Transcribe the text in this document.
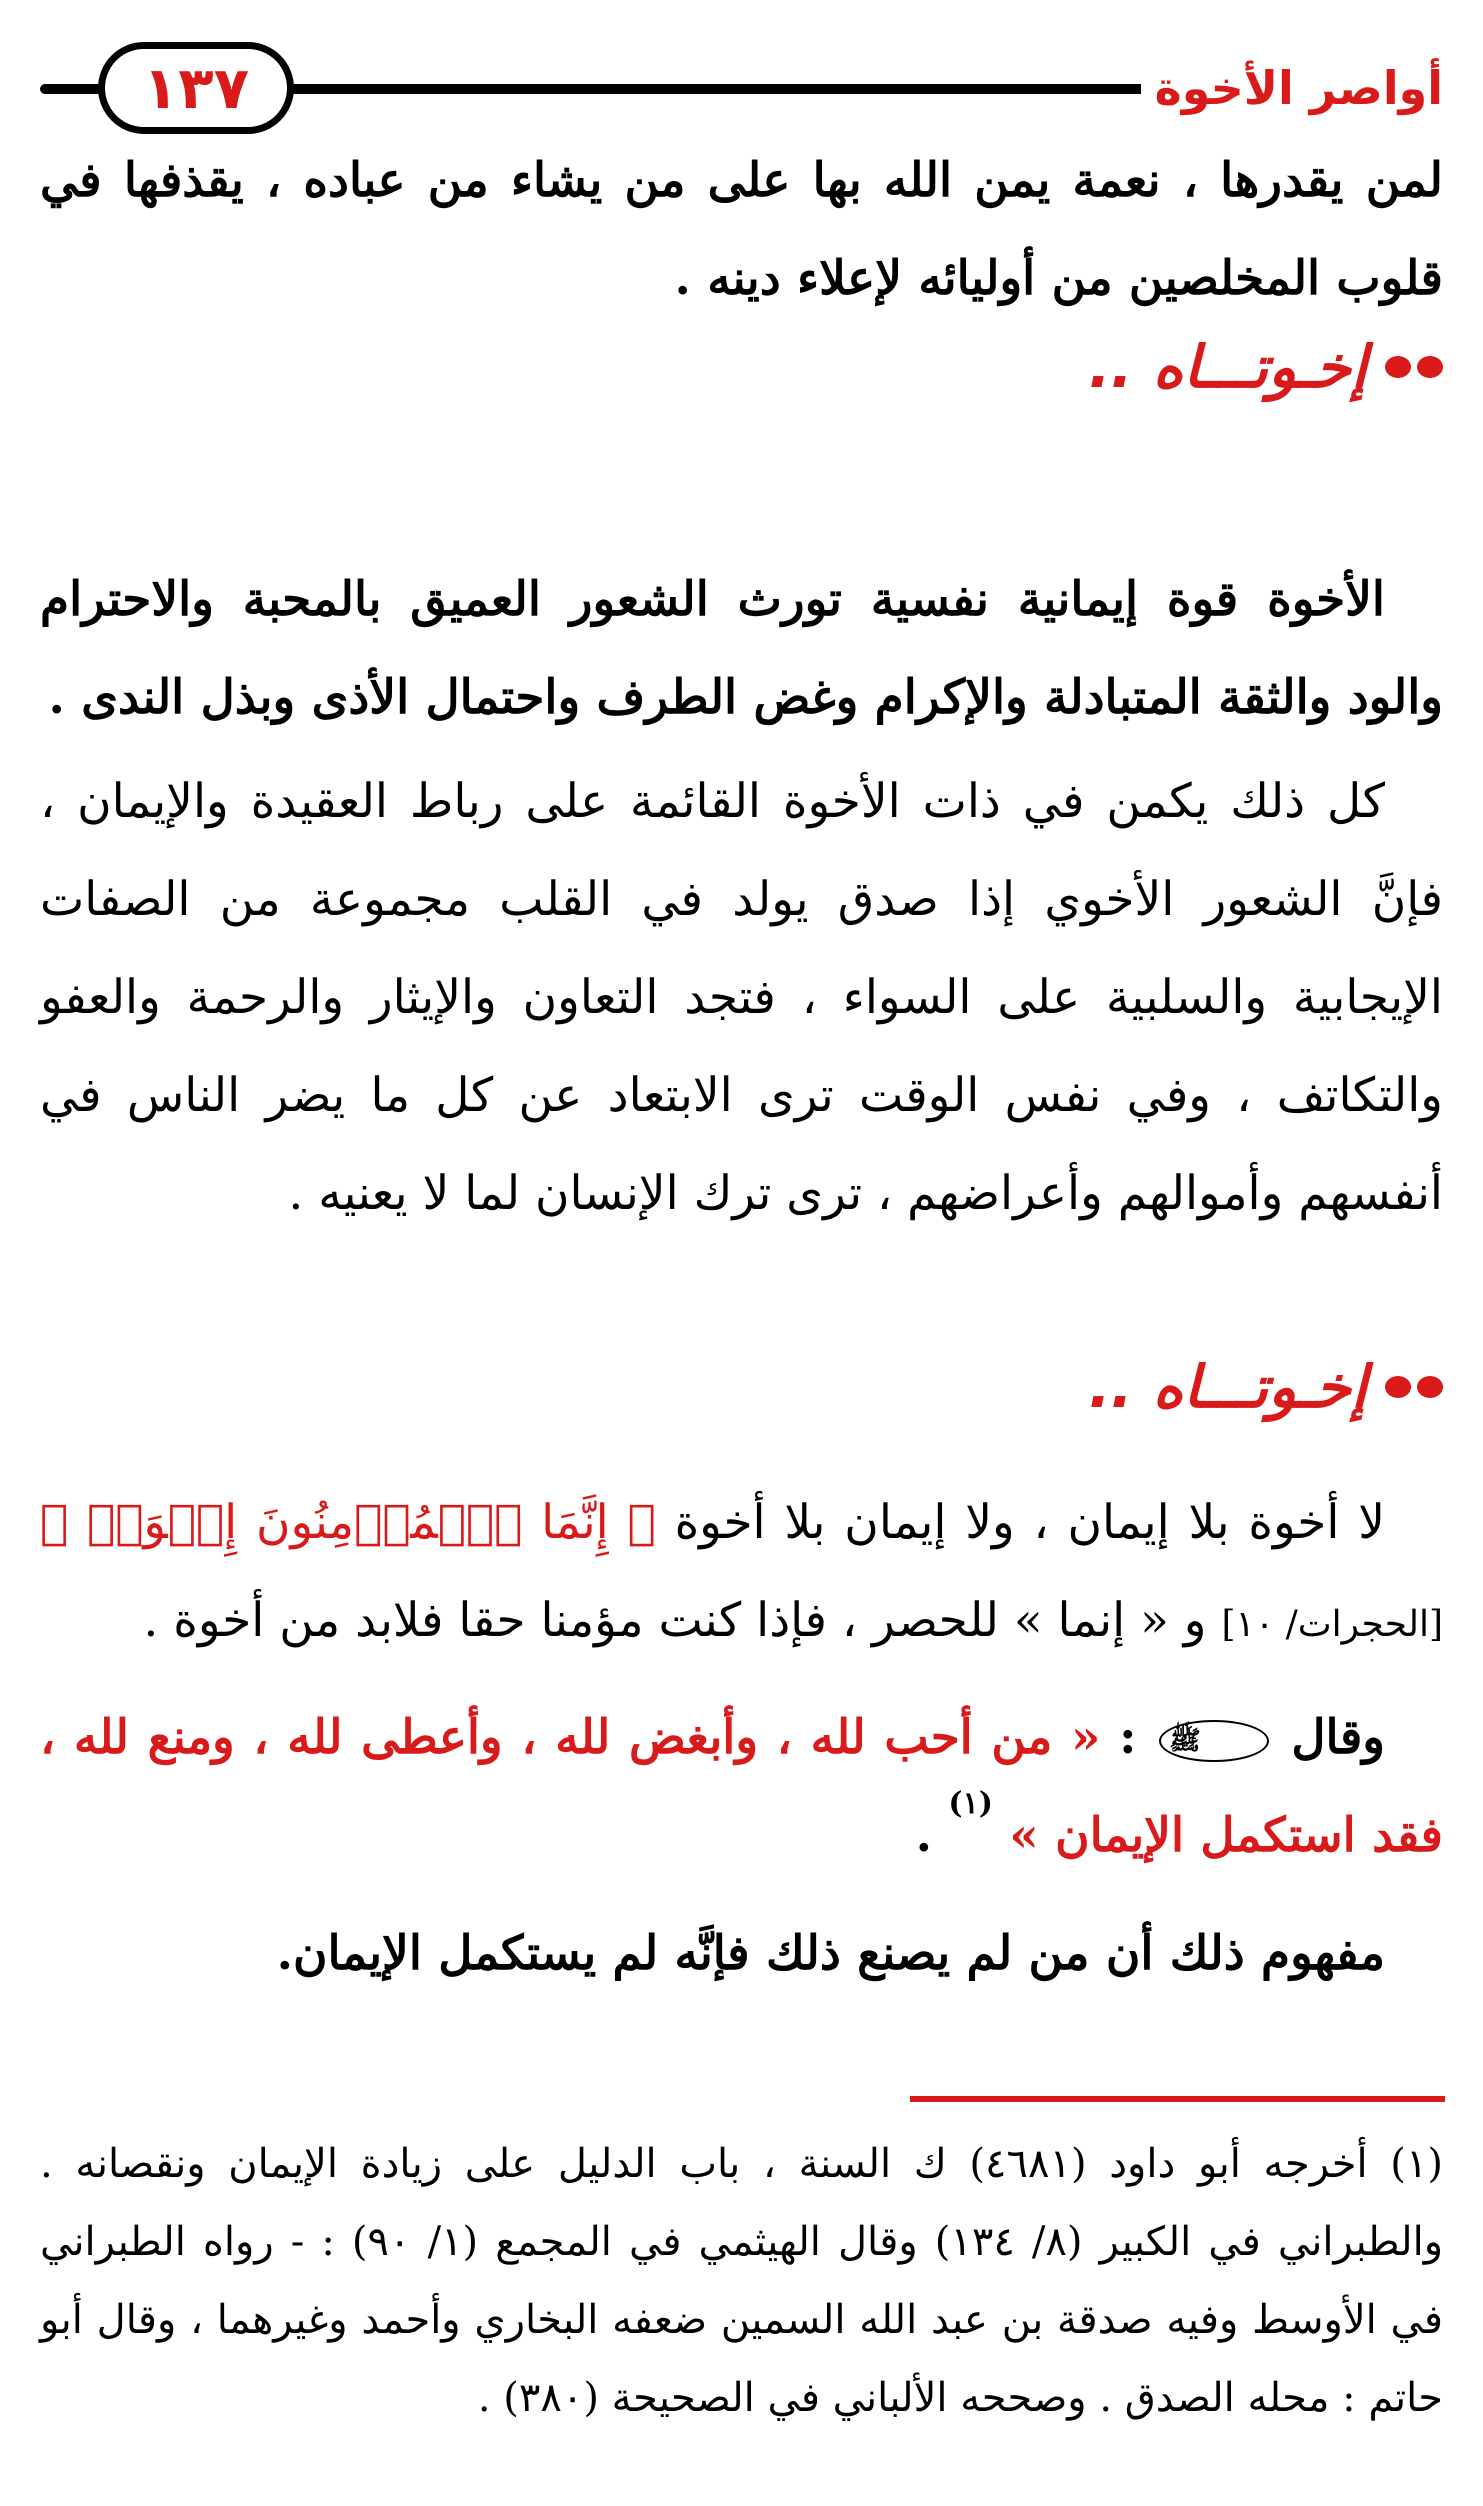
١٣٧	أواصر الأخوة
لمن يقدرها ، نعمة يمن الله بها على من يشاء من عباده ، يقذفها في قلوب المخلصين من أوليائه لإعلاء دينه .
إخـوتـــاه ..
الأخوة قوة إيمانية نفسية تورث الشعور العميق بالمحبة والاحترام والود والثقة المتبادلة والإكرام وغض الطرف واحتمال الأذى وبذل الندى .
كل ذلك يكمن في ذات الأخوة القائمة على رباط العقيدة والإيمان ، فإنَّ الشعور الأخوي إذا صدق يولد في القلب مجموعة من الصفات الإيجابية والسلبية على السواء ، فتجد التعاون والإيثار والرحمة والعفو والتكاتف ، وفي نفس الوقت ترى الابتعاد عن كل ما يضر الناس في أنفسهم وأموالهم وأعراضهم ، ترى ترك الإنسان لما لا يعنيه .
إخـوتـــاه ..
لا أخوة بلا إيمان ، ولا إيمان بلا أخوة ﴿ إِنَّمَا ٱلۡمُؤۡمِنُونَ إِخۡوَةٞ ﴾ [الحجرات/ ١٠] و « إنما » للحصر ، فإذا كنت مؤمنا حقا فلابد من أخوة .
وقال ﷺ : « من أحب لله ، وأبغض لله ، وأعطى لله ، ومنع لله ، فقد استكمل الإيمان » $^{(١)}$ .
مفهوم ذلك أن من لم يصنع ذلك فإنَّه لم يستكمل الإيمان.
(١) أخرجه أبو داود (٤٦٨١) ك السنة ، باب الدليل على زيادة الإيمان ونقصانه . والطبراني في الكبير (٨/ ١٣٤) وقال الهيثمي في المجمع (١/ ٩٠) : - رواه الطبراني في الأوسط وفيه صدقة بن عبد الله السمين ضعفه البخاري وأحمد وغيرهما ، وقال أبو حاتم : محله الصدق . وصححه الألباني في الصحيحة (٣٨٠) .
